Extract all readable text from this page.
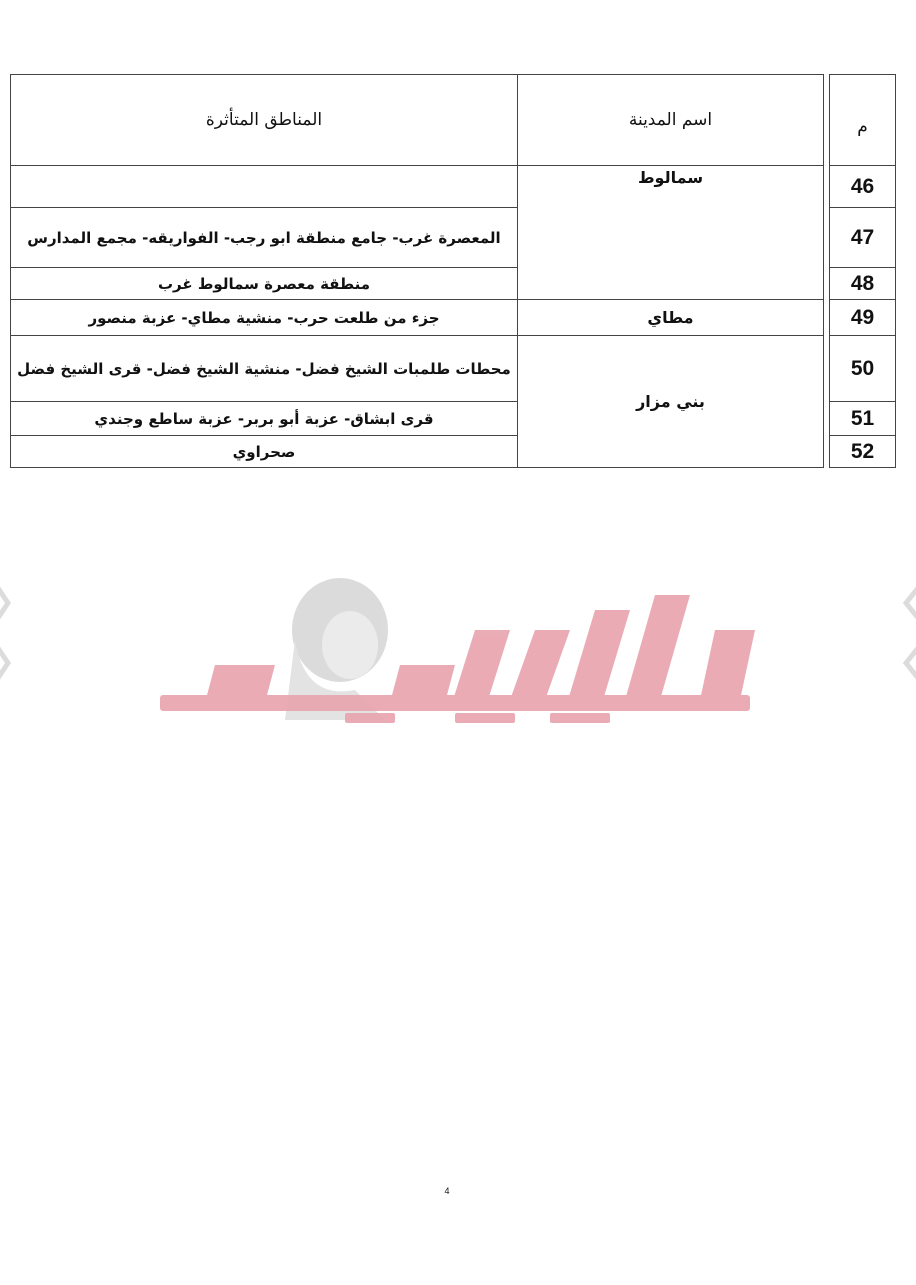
م		اسم المدينة	المناطق المتأثرة
46		سمالوط	
47			المعصرة غرب- جامع منطقة ابو رجب- الفواريقه- مجمع المدارس
48			منطقة معصرة سمالوط غرب
49		مطاي	جزء من طلعت حرب- منشية مطاي- عزبة منصور
50		بني مزار	محطات طلمبات الشيخ فضل- منشية الشيخ فضل- قرى الشيخ فضل
51			قرى ابشاق- عزبة أبو بربر- عزبة ساطع وجندي
52			صحراوي
4
